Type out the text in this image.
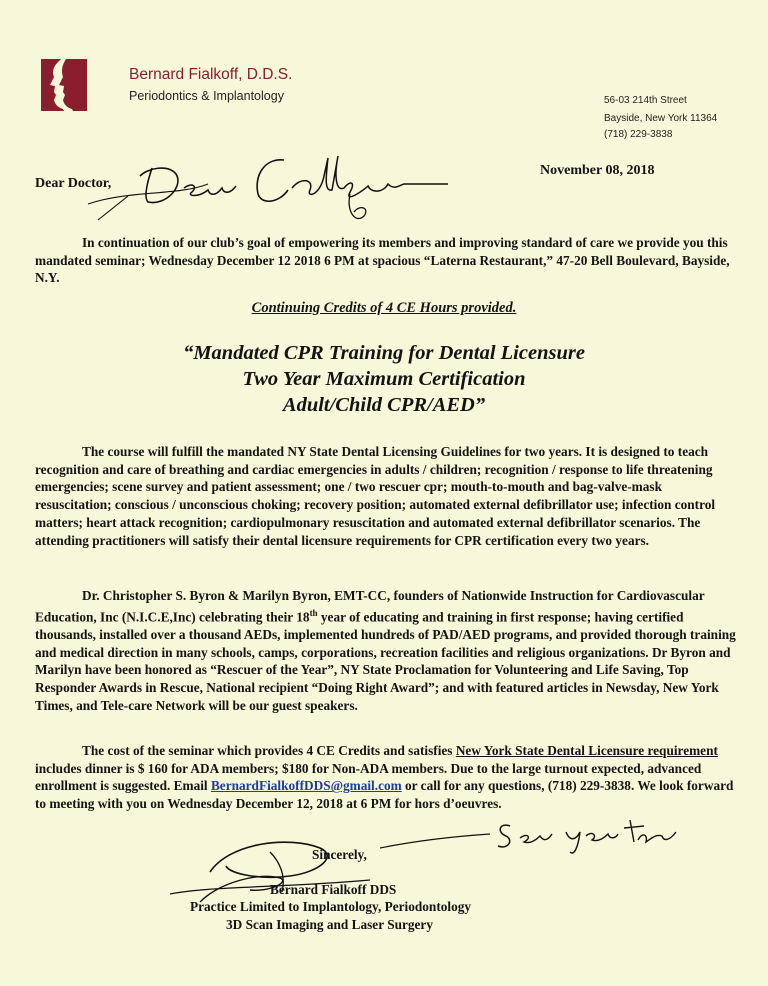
Bernard Fialkoff, D.D.S.
Periodontics & Implantology	56-03 214th Street
Bayside, New York 11364
(718) 229-3838
November 08, 2018
Dear Doctor,

In continuation of our club’s goal of empowering its members and improving standard of care we provide you this mandated seminar; Wednesday December 12 2018 6 PM at spacious “Laterna Restaurant,” 47-20 Bell Boulevard, Bayside, N.Y.

Continuing Credits of 4 CE Hours provided.
“Mandated CPR Training for Dental Licensure
Two Year Maximum Certification
Adult/Child CPR/AED”

The course will fulfill the mandated NY State Dental Licensing Guidelines for two years. It is designed to teach recognition and care of breathing and cardiac emergencies in adults / children; recognition / response to life threatening emergencies; scene survey and patient assessment; one / two rescuer cpr; mouth-to-mouth and bag-valve-mask resuscitation; conscious / unconscious choking; recovery position; automated external defibrillator use; infection control matters; heart attack recognition; cardiopulmonary resuscitation and automated external defibrillator scenarios. The attending practitioners will satisfy their dental licensure requirements for CPR certification every two years.

Dr. Christopher S. Byron & Marilyn Byron, EMT-CC, founders of Nationwide Instruction for Cardiovascular Education, Inc (N.I.C.E,Inc) celebrating their 18th year of educating and training in first response; having certified thousands, installed over a thousand AEDs, implemented hundreds of PAD/AED programs, and provided thorough training and medical direction in many schools, camps, corporations, recreation facilities and religious organizations. Dr Byron and Marilyn have been honored as “Rescuer of the Year”, NY State Proclamation for Volunteering and Life Saving, Top Responder Awards in Rescue, National recipient “Doing Right Award”; and with featured articles in Newsday, New York Times, and Tele-care Network will be our guest speakers.

The cost of the seminar which provides 4 CE Credits and satisfies New York State Dental Licensure requirement includes dinner is $ 160 for ADA members; $180 for Non-ADA members. Due to the large turnout expected, advanced enrollment is suggested. Email BernardFialkoffDDS@gmail.com or call for any questions, (718) 229-3838. We look forward to meeting with you on Wednesday December 12, 2018 at 6 PM for hors d’oeuvres.

Sincerely,
Bernard Fialkoff DDS
Practice Limited to Implantology, Periodontology
3D Scan Imaging and Laser Surgery
